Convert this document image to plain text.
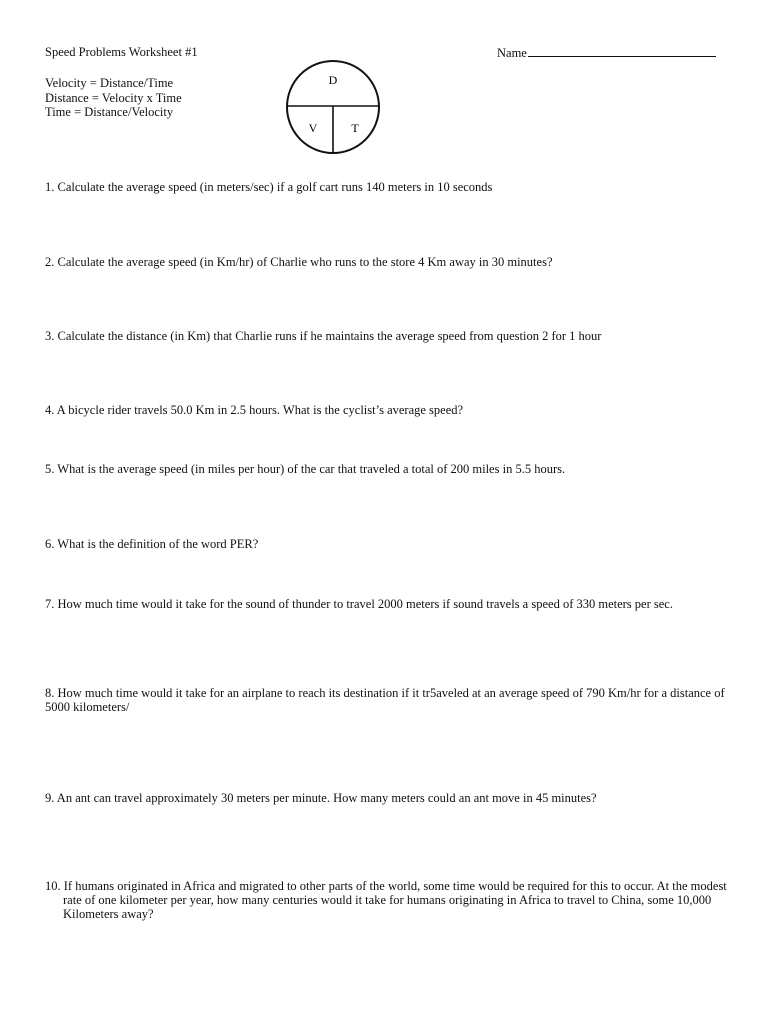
Speed Problems Worksheet #1	Name
Velocity = Distance/Time
Distance = Velocity x Time
Time = Distance/Velocity
D
V	T
1. Calculate the average speed (in meters/sec) if a golf cart runs 140 meters in 10 seconds
2. Calculate the average speed (in Km/hr) of Charlie who runs to the store 4 Km away in 30 minutes?
3. Calculate the distance (in Km) that Charlie runs if he maintains the average speed from question 2 for 1 hour
4. A bicycle rider travels 50.0 Km in 2.5 hours. What is the cyclist’s average speed?
5. What is the average speed (in miles per hour) of the car that traveled a total of 200 miles in 5.5 hours.
6. What is the definition of the word PER?
7. How much time would it take for the sound of thunder to travel 2000 meters if sound travels a speed of 330 meters per sec.
8. How much time would it take for an airplane to reach its destination if it tr5aveled at an average speed of 790 Km/hr for a distance of 5000 kilometers/
9. An ant can travel approximately 30 meters per minute. How many meters could an ant move in 45 minutes?
10. If humans originated in Africa and migrated to other parts of the world, some time would be required for this to occur. At the modest rate of one kilometer per year, how many centuries would it take for humans originating in Africa to travel to China, some 10,000 Kilometers away?
